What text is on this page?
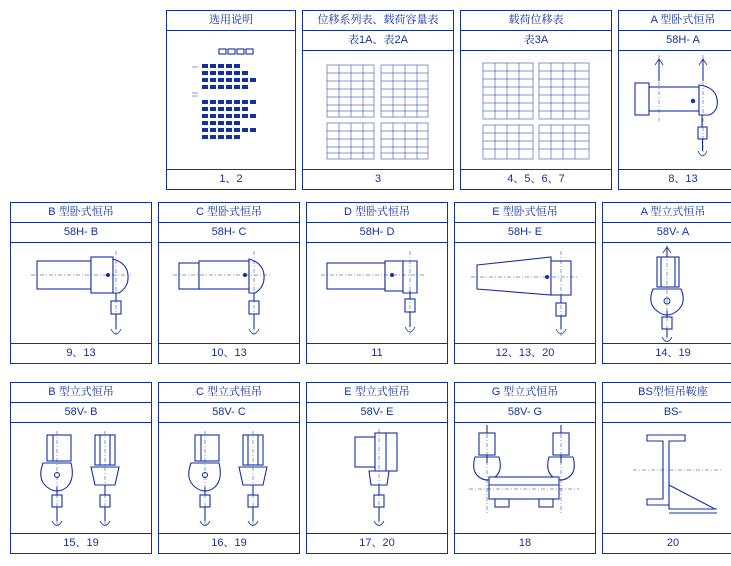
选用说明
1、2
位移系列表、载荷容量表
表1A、表2A
3
载荷位移表
表3A
4、5、6、7
A 型卧式恒吊
58H- A
8、13
B 型卧式恒吊
58H- B
9、13
C 型卧式恒吊
58H- C
10、13
D 型卧式恒吊
58H- D
11
E 型卧式恒吊
58H- E
12、13、20
A 型立式恒吊
58V- A
14、19
B 型立式恒吊
58V- B
15、19
C 型立式恒吊
58V- C
16、19
E 型立式恒吊
58V- E
17、20
G 型立式恒吊
58V- G
18
BS型恒吊鞍座
BS-
20
